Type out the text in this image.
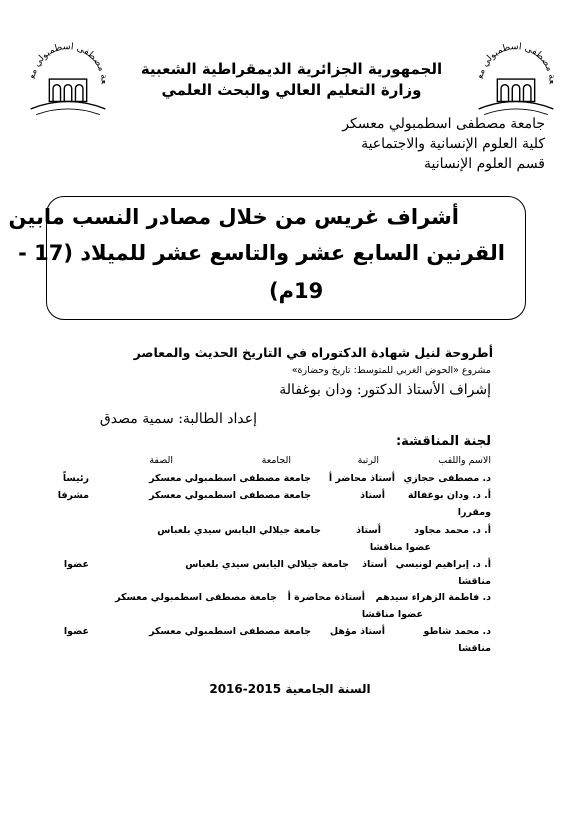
عة مصطفى اسطمبولي مع
عة مصطفى اسطمبولي مع
الجمهورية الجزائرية الديمقراطية الشعبية
وزارة التعليم العالي والبحث العلمي
جامعة مصطفى اسطمبولي معسكر
كلية العلوم الإنسانية والاجتماعية
قسم العلوم الإنسانية
أشراف غريس من خلال مصادر النسب مابين
القرنين السابع عشر والتاسع عشر للميلاد (17 -
19م)
أطروحة لنيل شهادة الدكتوراه في التاريخ الحديث والمعاصر
مشروع «الحوض الغربي للمتوسط: تاريخ وحضارة»
إشراف الأستاذ الدكتور: ودان بوغفالة
إعداد الطالبة: سمية مصدق
لجنة المناقشة:
الاسم واللقب
الرتبة
الجامعة
الصفة
د. مصطفى حجازي
أستاذ محاضر أ
جامعة مصطفى اسطمبولي معسكر
رئيساً
أ. د. ودان بوغفالة
أستاذ
جامعة مصطفى اسطمبولي معسكر
مشرفا
ومقررا
أ. د. محمد مجاود
أستاذ
جامعة جيلالي اليابس سيدي بلعباس
عضوا مناقشا
أ. د. إبراهيم لونيسي
أستاذ
جامعة جيلالي اليابس سيدي بلعباس
عضوا
مناقشا
د. فاطمة الزهراء سيدهم
أستاذة محاضرة أ
جامعة مصطفى اسطمبولي معسكر
عضوا مناقشا
د. محمد شاطو
أستاذ مؤهل
جامعة مصطفى اسطمبولي معسكر
عضوا
مناقشا
السنة الجامعية 2015-2016
